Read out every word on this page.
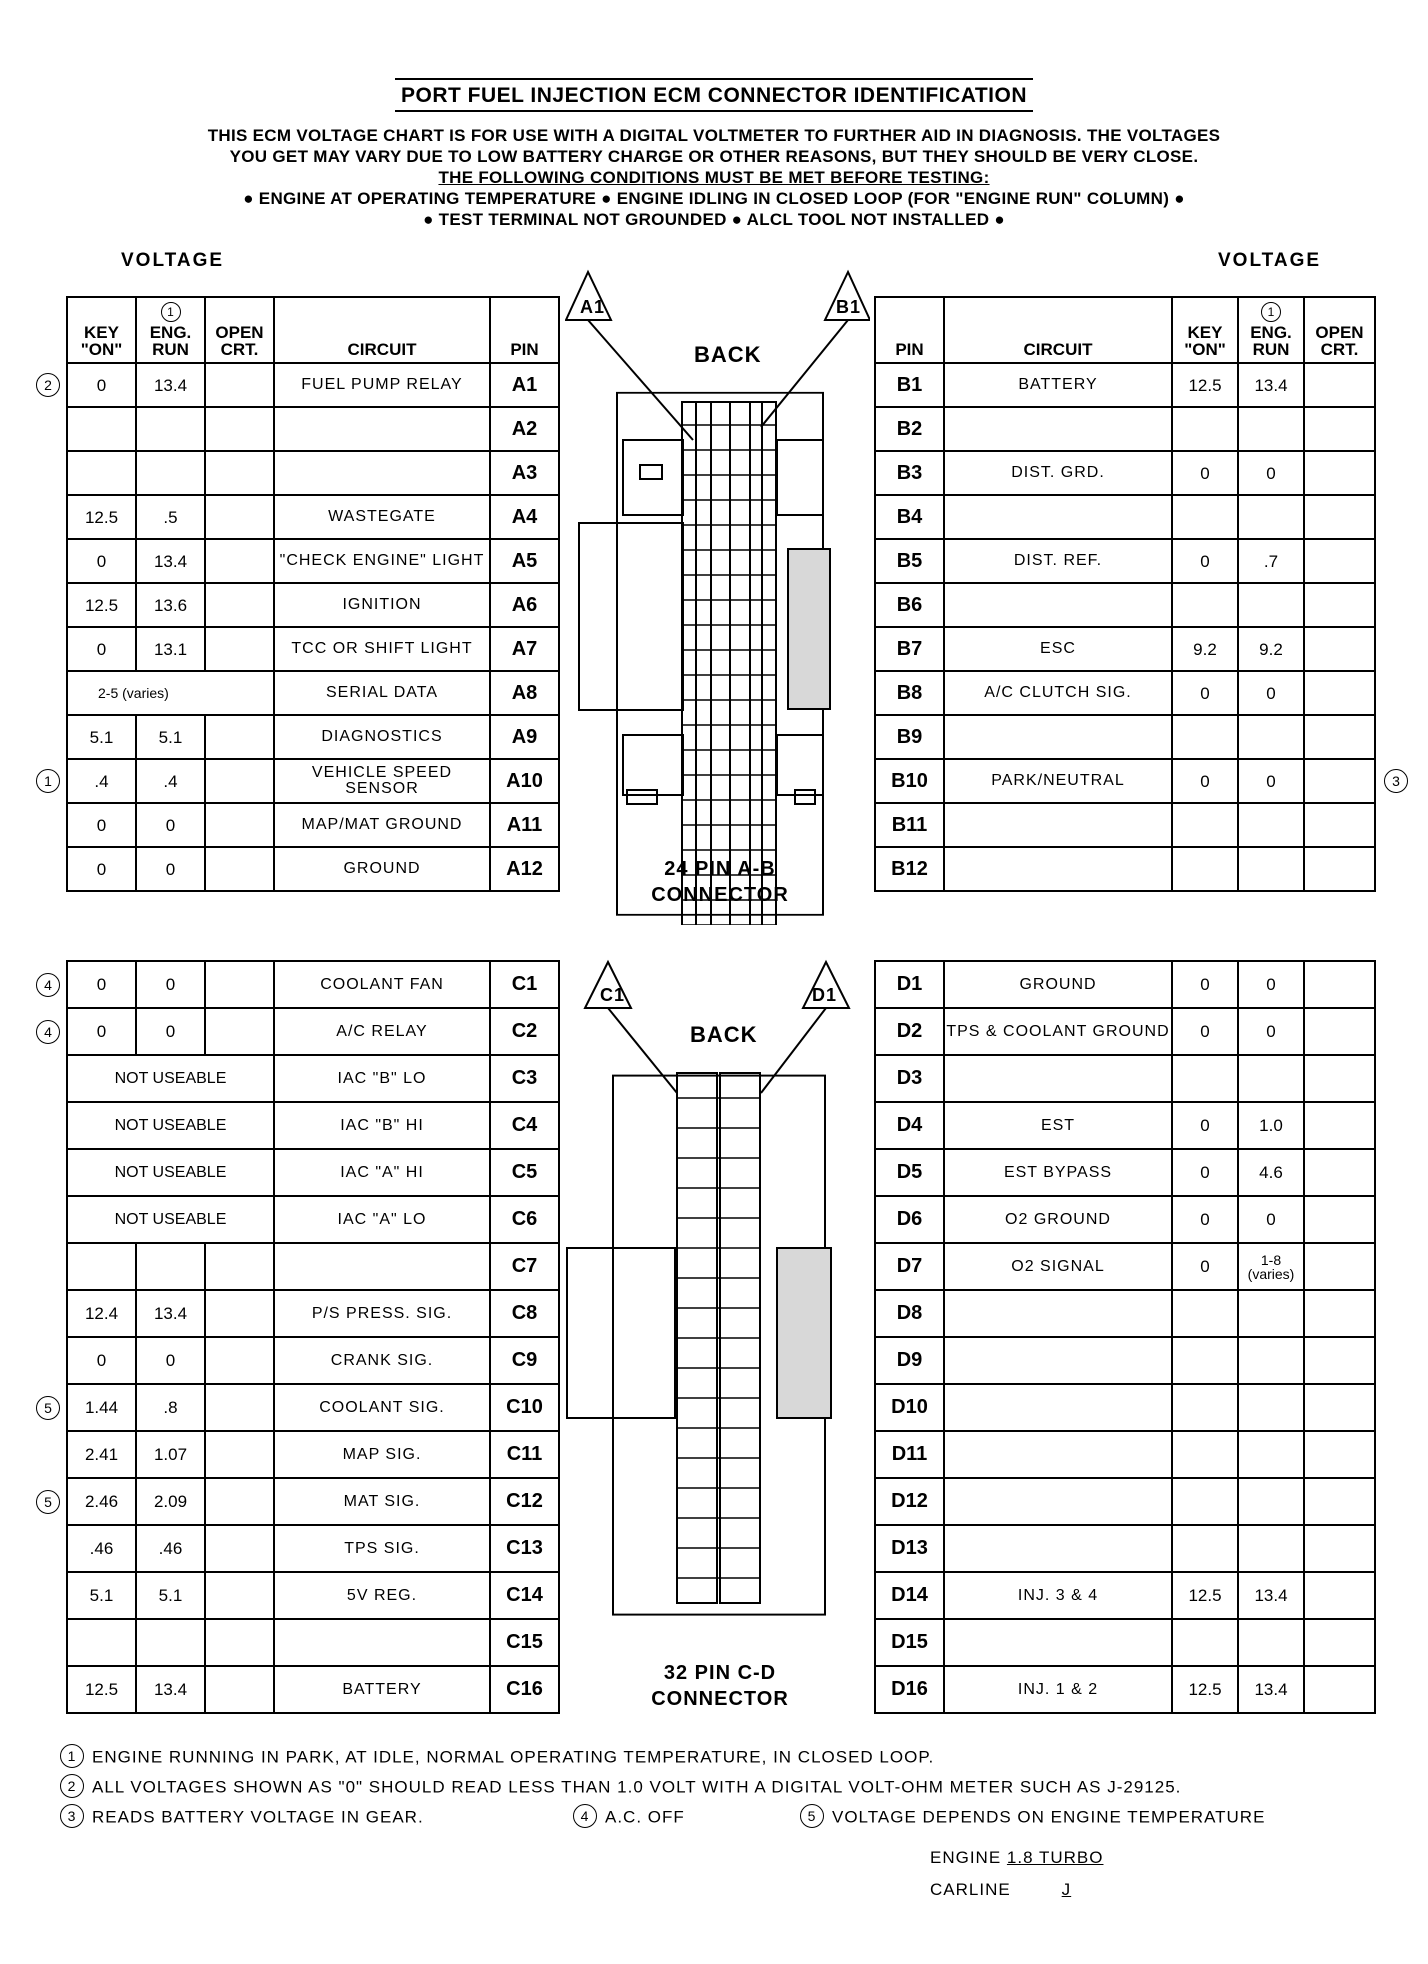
PORT FUEL INJECTION ECM CONNECTOR IDENTIFICATION
THIS ECM VOLTAGE CHART IS FOR USE WITH A DIGITAL VOLTMETER TO FURTHER AID IN DIAGNOSIS. THE VOLTAGES
YOU GET MAY VARY DUE TO LOW BATTERY CHARGE OR OTHER REASONS, BUT THEY SHOULD BE VERY CLOSE.
THE FOLLOWING CONDITIONS MUST BE MET BEFORE TESTING:
● ENGINE AT OPERATING TEMPERATURE ● ENGINE IDLING IN CLOSED LOOP (FOR "ENGINE RUN" COLUMN) ●
● TEST TERMINAL NOT GROUNDED ● ALCL TOOL NOT INSTALLED ●
VOLTAGE	VOLTAGE
KEY "ON"	1
ENG. RUN	OPEN CRT.	CIRCUIT	PIN
0	13.4		FUEL PUMP RELAY	A1
				A2
				A3
12.5	.5		WASTEGATE	A4
0	13.4		"CHECK ENGINE" LIGHT	A5
12.5	13.6		IGNITION	A6
0	13.1		TCC OR SHIFT LIGHT	A7
2-5 (varies)			SERIAL DATA	A8
5.1	5.1		DIAGNOSTICS	A9
.4	.4		VEHICLE SPEED SENSOR	A10
0	0		MAP/MAT GROUND	A11
0	0		GROUND	A12
PIN	CIRCUIT	KEY "ON"	1
ENG. RUN	OPEN CRT.
B1	BATTERY	12.5	13.4	
B2				
B3	DIST. GRD.	0	0	
B4				
B5	DIST. REF.	0	.7	
B6				
B7	ESC	9.2	9.2	
B8	A/C CLUTCH SIG.	0	0	
B9				
B10	PARK/NEUTRAL	0	0	
B11				
B12				
0	0		COOLANT FAN	C1
0	0		A/C RELAY	C2
NOT USEABLE			IAC "B" LO	C3
NOT USEABLE			IAC "B" HI	C4
NOT USEABLE			IAC "A" HI	C5
NOT USEABLE			IAC "A" LO	C6
				C7
12.4	13.4		P/S PRESS. SIG.	C8
0	0		CRANK SIG.	C9
1.44	.8		COOLANT SIG.	C10
2.41	1.07		MAP SIG.	C11
2.46	2.09		MAT SIG.	C12
.46	.46		TPS SIG.	C13
5.1	5.1		5V REG.	C14
				C15
12.5	13.4		BATTERY	C16
D1	GROUND	0	0	
D2	TPS & COOLANT GROUND	0	0	
D3				
D4	EST	0	1.0	
D5	EST BYPASS	0	4.6	
D6	O2 GROUND	0	0	
D7	O2 SIGNAL	0	1-8 (varies)	
D8				
D9				
D10				
D11				
D12				
D13				
D14	INJ. 3 & 4	12.5	13.4	
D15				
D16	INJ. 1 & 2	12.5	13.4	
A1	B1
BACK
24 PIN A-B
CONNECTOR
C1	D1
BACK
32 PIN C-D
CONNECTOR
1 ENGINE RUNNING IN PARK, AT IDLE, NORMAL OPERATING TEMPERATURE, IN CLOSED LOOP.
2 ALL VOLTAGES SHOWN AS "0" SHOULD READ LESS THAN 1.0 VOLT WITH A DIGITAL VOLT-OHM METER SUCH AS J-29125.
3 READS BATTERY VOLTAGE IN GEAR.	4 A.C. OFF	5 VOLTAGE DEPENDS ON ENGINE TEMPERATURE
ENGINE 1.8 TURBO
CARLINE	J
2
1	3
4
4
5
5
